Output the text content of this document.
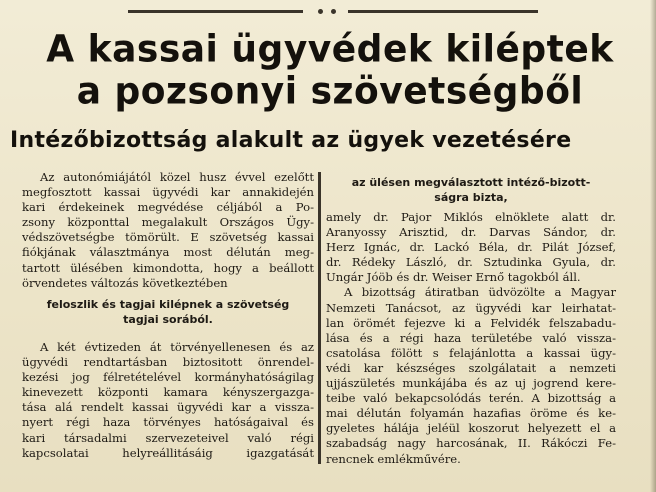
A kassai ügyvédek kiléptek
a pozsonyi szövetségből
Intézőbizottság alakult az ügyek vezetésére
Az autonómiájától közel husz évvel ezelőtt
megfosztott kassai ügyvédi kar annakidején
kari érdekeinek megvédése céljából a Po-
zsony központtal megalakult Országos Ügy-
védszövetségbe tömörült. E szövetség kassai
fiókjának választmánya most délután meg-
tartott ülésében kimondotta, hogy a beállott
örvendetes változás következtében
feloszlik és tagjai kilépnek a szövetség
tagjai sorából.
A két évtizeden át törvényellenesen és az
ügyvédi rendtartásban biztositott önrendel-
kezési jog félretételével kormányhatóságilag
kinevezett központi kamara kényszergazga-
tása alá rendelt kassai ügyvédi kar a vissza-
nyert régi haza törvényes hatóságaival és
kari társadalmi szervezeteivel való régi
kapcsolatai helyreállitásáig igazgatását
az ülésen megválasztott intéző-bizott-
ságra bizta,
amely dr. Pajor Miklós elnöklete alatt dr.
Aranyossy Arisztid, dr. Darvas Sándor, dr.
Herz Ignác, dr. Lackó Béla, dr. Pilát József,
dr. Rédeky László, dr. Sztudinka Gyula, dr.
Ungár Jóöb és dr. Weiser Ernő tagokból áll.
A bizottság átiratban üdvözölte a Magyar
Nemzeti Tanácsot, az ügyvédi kar leirhatat-
lan örömét fejezve ki a Felvidék felszabadu-
lása és a régi haza területébe való vissza-
csatolása fölött s felajánlotta a kassai ügy-
védi kar készséges szolgálatait a nemzeti
ujjászületés munkájába és az uj jogrend kere-
teibe való bekapcsolódás terén. A bizottság a
mai délután folyamán hazafias öröme és ke-
gyeletes hálája jeléül koszorut helyezett el a
szabadság nagy harcosának, II. Rákóczi Fe-
rencnek emlékművére.
